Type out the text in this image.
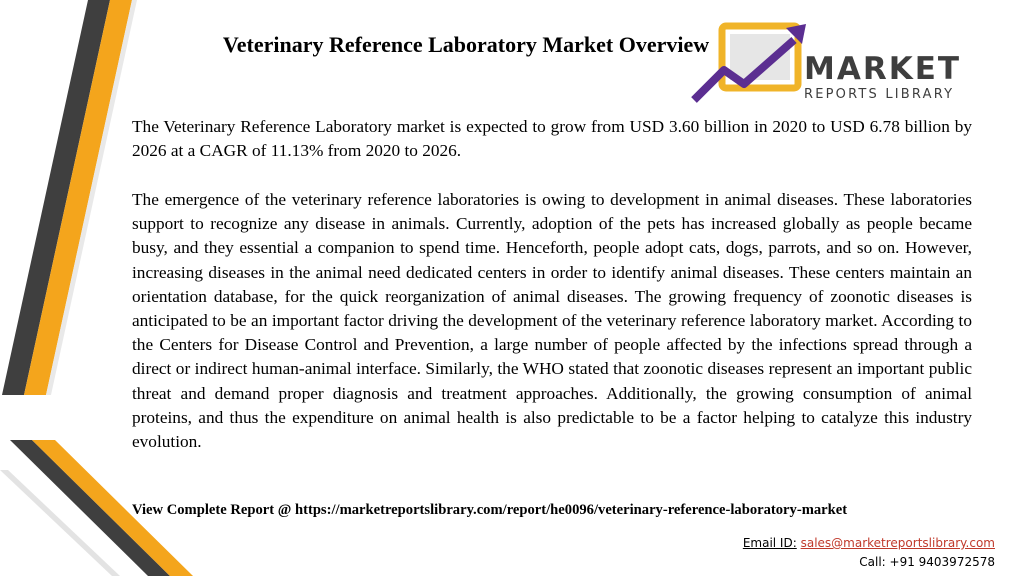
Veterinary Reference Laboratory Market Overview
MARKET
REPORTS LIBRARY

The Veterinary Reference Laboratory market is expected to grow from USD 3.60 billion in 2020 to USD 6.78 billion by 2026 at a CAGR of 11.13% from 2020 to 2026.

The emergence of the veterinary reference laboratories is owing to development in animal diseases. These laboratories support to recognize any disease in animals. Currently, adoption of the pets has increased globally as people became busy, and they essential a companion to spend time. Henceforth, people adopt cats, dogs, parrots, and so on. However, increasing diseases in the animal need dedicated centers in order to identify animal diseases. These centers maintain an orientation database, for the quick reorganization of animal diseases. The growing frequency of zoonotic diseases is anticipated to be an important factor driving the development of the veterinary reference laboratory market. According to the Centers for Disease Control and Prevention, a large number of people affected by the infections spread through a direct or indirect human-animal interface. Similarly, the WHO stated that zoonotic diseases represent an important public threat and demand proper diagnosis and treatment approaches. Additionally, the growing consumption of animal proteins, and thus the expenditure on animal health is also predictable to be a factor helping to catalyze this industry evolution.

View Complete Report @ https://marketreportslibrary.com/report/he0096/veterinary-reference-laboratory-market
Email ID: sales@marketreportslibrary.com
Call: +91 9403972578
